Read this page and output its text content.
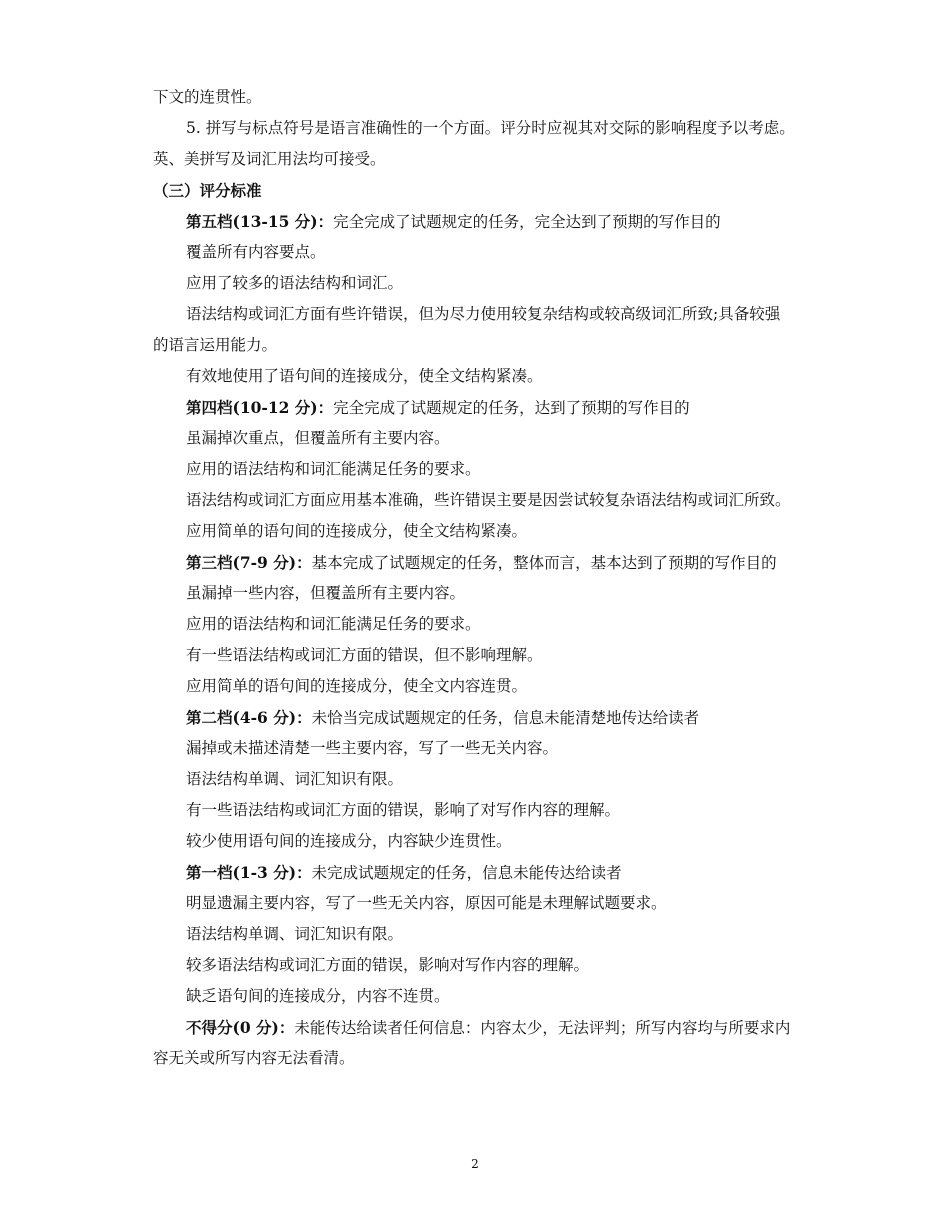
下文的连贯性。
5. 拼写与标点符号是语言准确性的一个方面。评分时应视其对交际的影响程度予以考虑。
英、美拼写及词汇用法均可接受。
（三）评分标准
第五档(13-15 分)：完全完成了试题规定的任务，完全达到了预期的写作目的
覆盖所有内容要点。
应用了较多的语法结构和词汇。
语法结构或词汇方面有些许错误，但为尽力使用较复杂结构或较高级词汇所致;具备较强
的语言运用能力。
有效地使用了语句间的连接成分，使全文结构紧凑。
第四档(10-12 分)：完全完成了试题规定的任务，达到了预期的写作目的
虽漏掉次重点，但覆盖所有主要内容。
应用的语法结构和词汇能满足任务的要求。
语法结构或词汇方面应用基本准确，些许错误主要是因尝试较复杂语法结构或词汇所致。
应用简单的语句间的连接成分，使全文结构紧凑。
第三档(7-9 分)：基本完成了试题规定的任务，整体而言，基本达到了预期的写作目的
虽漏掉一些内容，但覆盖所有主要内容。
应用的语法结构和词汇能满足任务的要求。
有一些语法结构或词汇方面的错误，但不影响理解。
应用简单的语句间的连接成分，使全文内容连贯。
第二档(4-6 分)：未恰当完成试题规定的任务，信息未能清楚地传达给读者
漏掉或未描述清楚一些主要内容，写了一些无关内容。
语法结构单调、词汇知识有限。
有一些语法结构或词汇方面的错误，影响了对写作内容的理解。
较少使用语句间的连接成分，内容缺少连贯性。
第一档(1-3 分)：未完成试题规定的任务，信息未能传达给读者
明显遗漏主要内容，写了一些无关内容，原因可能是未理解试题要求。
语法结构单调、词汇知识有限。
较多语法结构或词汇方面的错误，影响对写作内容的理解。
缺乏语句间的连接成分，内容不连贯。
不得分(0 分)：未能传达给读者任何信息：内容太少，无法评判；所写内容均与所要求内
容无关或所写内容无法看清。
2
